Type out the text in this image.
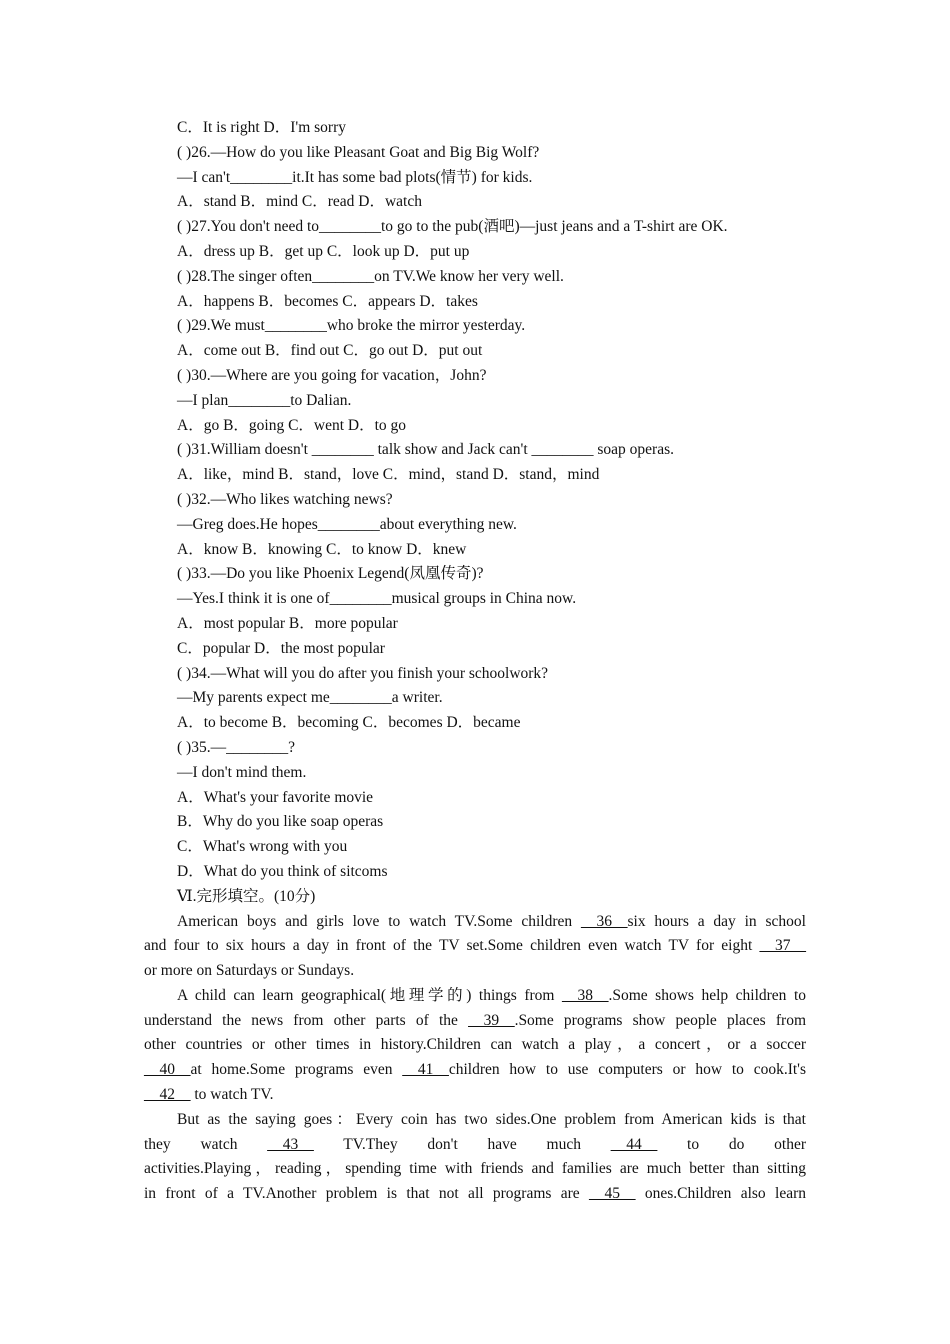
C．It is right D．I'm sorry
( )26.—How do you like Pleasant Goat and Big Big Wolf?
—I can't________it.It has some bad plots(情节) for kids.
A．stand B．mind C．read D．watch
( )27.You don't need to________to go to the pub(酒吧)—just jeans and a T-shirt are OK.
A．dress up B．get up C．look up D．put up
( )28.The singer often________on TV.We know her very well.
A．happens B．becomes C．appears D．takes
( )29.We must________who broke the mirror yesterday.
A．come out B．find out C．go out D．put out
( )30.—Where are you going for vacation，John?
—I plan________to Dalian.
A．go B．going C．went D．to go
( )31.William doesn't ________ talk show and Jack can't ________ soap operas.
A．like，mind B．stand，love C．mind，stand D．stand，mind
( )32.—Who likes watching news?
—Greg does.He hopes________about everything new.
A．know B．knowing C．to know D．knew
( )33.—Do you like Phoenix Legend(凤凰传奇)?
—Yes.I think it is one of________musical groups in China now.
A．most popular B．more popular
C．popular D．the most popular
( )34.—What will you do after you finish your schoolwork?
—My parents expect me________a writer.
A．to become B．becoming C．becomes D．became
( )35.—________?
—I don't mind them.
A．What's your favorite movie
B．Why do you like soap operas
C．What's wrong with you
D．What do you think of sitcoms
Ⅵ.完形填空。(10分)
American boys and girls love to watch TV.Some children __36__six hours a day in school
and four to six hours a day in front of the TV set.Some children even watch TV for eight __37__
or more on Saturdays or Sundays.
A child can learn geographical(地理学的) things from __38__.Some shows help children to
understand the news from other parts of the __39__.Some programs show people places from
other countries or other times in history.Children can watch a play，a concert，or a soccer
__40__at home.Some programs even __41__children how to use computers or how to cook.It's
__42__ to watch TV.
But as the saying goes：Every coin has two sides.One problem from American kids is that
they watch __43__ TV.They don't have much __44__ to do other
activities.Playing，reading，spending time with friends and families are much better than sitting
in front of a TV.Another problem is that not all programs are __45__ ones.Children also learn
